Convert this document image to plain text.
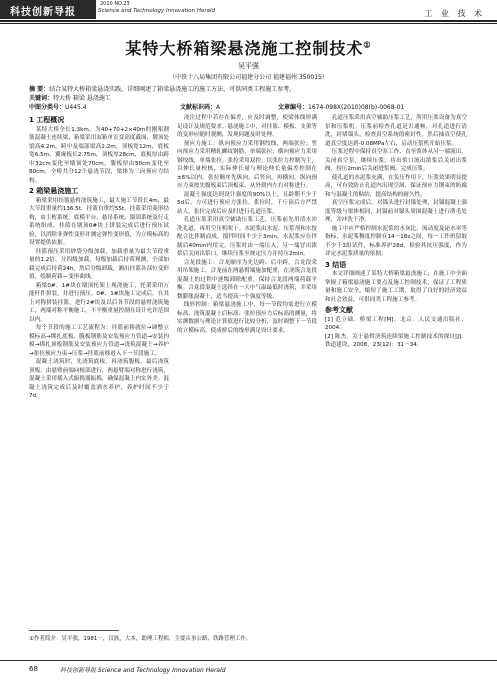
科技创新导报
2010 NO.23
Science and Technology Innovation Herald	工 业 技 术
某特大桥箱梁悬浇施工控制技术①
吴平强
（中铁十八局集团有限公司福建分公司 福建福州 350015）
摘 要：结合某特大桥箱梁悬浇实践，详细阐述了箱梁悬浇施工的施工方法、可供同类工程施工参考。
关键词：特大桥 箱梁 悬浇施工
中图分类号：U445.4	文献标识码：A	文章编号：1674-098X(2010)08(b)-0068-01
1 工程概况

某特大桥全长1.3km，为40+70+2×40m的刚架钢筋混凝土连续梁，箱梁采用双箱单室变高度截面，墩顶处梁高4.2m，跨中及端部梁高2.2m，顶板宽12m，底板宽6.5m，翼缘板长2.75m，顶板厚28cm，底板厚由跨中32cm变化至墩顶处70cm，腹板厚由50cm变化至80cm，全桥共分12个悬浇节段，梁体为三向预应力结构。

2 箱梁悬浇施工

箱梁采用挂篮悬臂浇筑施工，最大施工节段长4m，最大节段重量约136.5t，挂篮自重约55t。挂篮采用菱形结构，由主桁系统、底模平台、悬吊系统、锚固系统及行走系统组成。挂篮在墩顶0#块上拼装完成后进行预压试验，以消除非弹性变形并测定弹性变形值，为立模标高的设置提供依据。

挂篮预压采用砂袋分级加载，加载重量为最大节段重量的1.2倍，分四级加载，每级加载后持荷观测，全部加载完成后持荷24h，然后分级卸载，测出挂篮各部位变形值，绘制荷载—变形曲线。

箱梁0#、1#块在墩顶托架上现浇施工，托架采用万能杆件拼装，并进行预压。0#、1#块施工完成后，在其上对称拼装挂篮，进行2#块及以后各节段的悬臂浇筑施工，两端对称平衡施工，不平衡重量控制在设计允许范围以内。

每个节段的施工工艺流程为：挂篮前移就位→调整立模标高→绑扎底板、腹板钢筋及安装预应力管道→安装内模→绑扎顶板钢筋及安装预应力管道→浇筑混凝土→养护→张拉预应力束→压浆→挂篮前移进入下一节段施工。

混凝土浇筑时，先浇筑底板，再浇筑腹板，最后浇筑顶板，由悬臂前端向根部进行，两悬臂端对称进行浇筑，混凝土采用插入式振捣器振捣，确保混凝土内实外美。混凝土浇筑完成后及时覆盖洒水养护，养护时间不少于7d。

浇注过程中若存在偏差，应及时调整，使梁体线形满足设计及规范要求。悬浇施工中，对挂篮、模板、支架等的变形应随时观测，发现问题及时处理。

预应力施工：纵向预应力采用钢绞线，两端张拉；竖向预应力采用精轧螺纹钢筋，单端张拉；横向预应力采用钢绞线，单端张拉。张拉采用双控，以张拉力控制为主，以伸长量校核，实际伸长量与理论伸长量偏差控制在±6%以内。张拉顺序先纵向，后竖向，再横向，纵向预应力束按先腹板束后顶板束、从外到内左右对称进行。

混凝土强度达到设计强度的90%以上，且龄期不少于5d后，方可进行预应力张拉。张拉时，千斤顶后方严禁站人，张拉完成后应及时进行孔道压浆。

孔道压浆采用真空辅助压浆工艺，压浆前先用清水冲洗孔道，再用空压机吹干。水泥浆由水泥、压浆剂和水按配合比拌制而成，搅拌时间不少于3min，水泥浆应在拌制后40min内用完。压浆时由一端压入，另一端冒出浓浆后关闭出浆口，继续压浆至规定压力并持压2min。

合龙段施工：合龙顺序为先边跨、后中跨。合龙段采用吊架施工，合龙前在两悬臂端施加配重，在浇筑合龙段混凝土的过程中逐级卸除配重，保持合龙段两端荷载平衡。合龙段混凝土选择在一天中气温最低时浇筑，并采用微膨胀混凝土，适当提高一个强度等级。

线形控制：箱梁悬浇施工中，每一节段均需进行立模标高、浇筑混凝土后标高、张拉预应力后标高的测量，将实测数据与理论计算值进行比较分析，及时调整下一节段的立模标高，使成桥后的线形满足设计要求。

孔道压浆采用真空辅助压浆工艺，所用压浆设备为真空泵和压浆机。压浆前检查孔道是否通畅，对孔道进行清洗，封堵锚头，检查真空系统的密封性，然后抽真空使孔道真空度达到-0.08MPa左右，启动压浆机开始压浆。

压浆过程中保持真空泵工作，直至浆体从另一端流出，关闭真空泵，继续压浆，待出浆口流出浓浆后关闭出浆阀，持压2min后关闭进浆阀，完成压浆。

使孔道的水泥浆充满，在负压作用下，压浆效果明显提高，可有效防止孔道内出现空洞，保证预应力钢束的防腐和与混凝土的粘结，提高结构的耐久性。

真空压浆完成后，对锚头进行封锚处理，封锚混凝土强度等级与梁体相同，封锚前对锚头周围混凝土进行凿毛处理，并冲洗干净。

施工中应严格控制水泥浆的水灰比、流动度及泌水率等指标，水泥浆稠度控制在14～18s之间，每一工作班留取不少于3组试件，标准养护28d，检验其抗压强度，作为评定水泥浆质量的依据。

3 结语

本文详细阐述了某特大桥箱梁悬浇施工，在施工中全面掌握了箱梁悬浇施工要点及施工控制技术，保证了工程质量和施工安全，缩短了施工工期，取得了良好的经济效益和社会效益，可供同类工程施工参考。

参考文献

[1] 范立础．桥梁工程[M]．北京：人民交通出版社，2004.

[2] 陈杰．关于悬臂浇筑连续梁施工控制技术的探讨[J]．铁道建设，2008，23(12)：31－34.

①作者简介：吴平强，1981－，汉族，大本，助理工程师，主要从事公路、铁路管理工作。
68	科技创新导报 Science and Technology Innovation Herald
